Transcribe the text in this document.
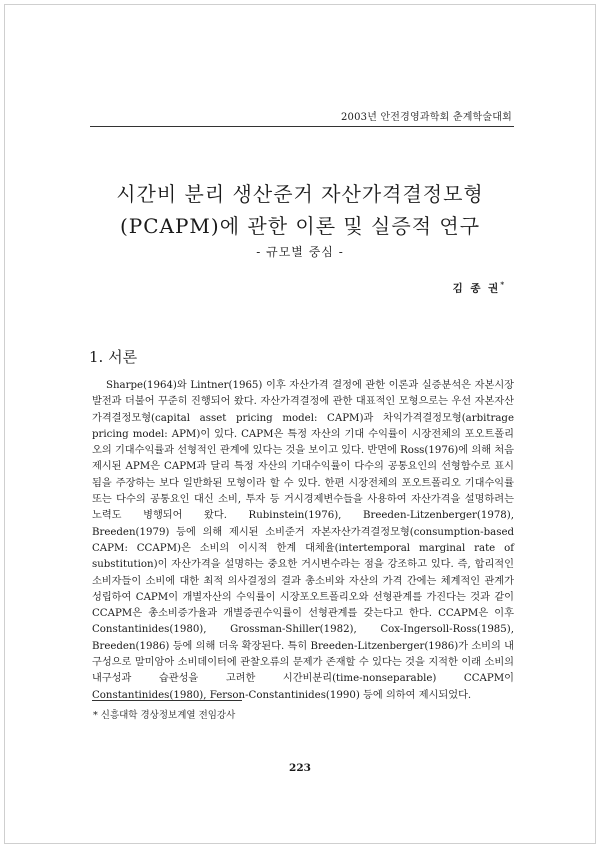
2003년 안전경영과학회 춘계학술대회
시간비 분리 생산준거 자산가격결정모형
(PCAPM)에 관한 이론 및 실증적 연구
- 규모별 중심 -
김 종 권*
1. 서론

Sharpe(1964)와 Lintner(1965) 이후 자산가격 결정에 관한 이론과 실증분석은 자본시장 발전과 더불어 꾸준히 진행되어 왔다. 자산가격결정에 관한 대표적인 모형으로는 우선 자본자산가격결정모형(capital asset pricing model: CAPM)과 차익가격결정모형(arbitrage pricing model: APM)이 있다. CAPM은 특정 자산의 기대 수익률이 시장전체의 포오트폴리오의 기대수익률과 선형적인 관계에 있다는 것을 보이고 있다. 반면에 Ross(1976)에 의해 처음 제시된 APM은 CAPM과 달리 특정 자산의 기대수익률이 다수의 공통요인의 선형함수로 표시됨을 주장하는 보다 일반화된 모형이라 할 수 있다. 한편 시장전체의 포오트폴리오 기대수익률 또는 다수의 공통요인 대신 소비, 투자 등 거시경제변수들을 사용하여 자산가격을 설명하려는 노력도 병행되어 왔다. Rubinstein(1976), Breeden-Litzenberger(1978), Breeden(1979) 등에 의해 제시된 소비준거 자본자산가격결정모형(consumption-based CAPM: CCAPM)은 소비의 이시적 한계 대체율(intertemporal marginal rate of substitution)이 자산가격을 설명하는 중요한 거시변수라는 점을 강조하고 있다. 즉, 합리적인 소비자들이 소비에 대한 최적 의사결정의 결과 총소비와 자산의 가격 간에는 체계적인 관계가 성립하여 CAPM이 개별자산의 수익률이 시장포오트폴리오와 선형관계를 가진다는 것과 같이 CCAPM은 총소비증가율과 개별증권수익률이 선형관계를 갖는다고 한다. CCAPM은 이후 Constantinides(1980), Grossman-Shiller(1982), Cox-Ingersoll-Ross(1985), Breeden(1986) 등에 의해 더욱 확장된다. 특히 Breeden-Litzenberger(1986)가 소비의 내구성으로 말미암아 소비데이터에 관찰오류의 문제가 존재할 수 있다는 것을 지적한 이래 소비의 내구성과 습관성을 고려한 시간비분리(time-nonseparable) CCAPM이 Constantinides(1980), Ferson-Constantinides(1990) 등에 의하여 제시되었다.

* 신흥대학 경상정보계열 전임강사
223
